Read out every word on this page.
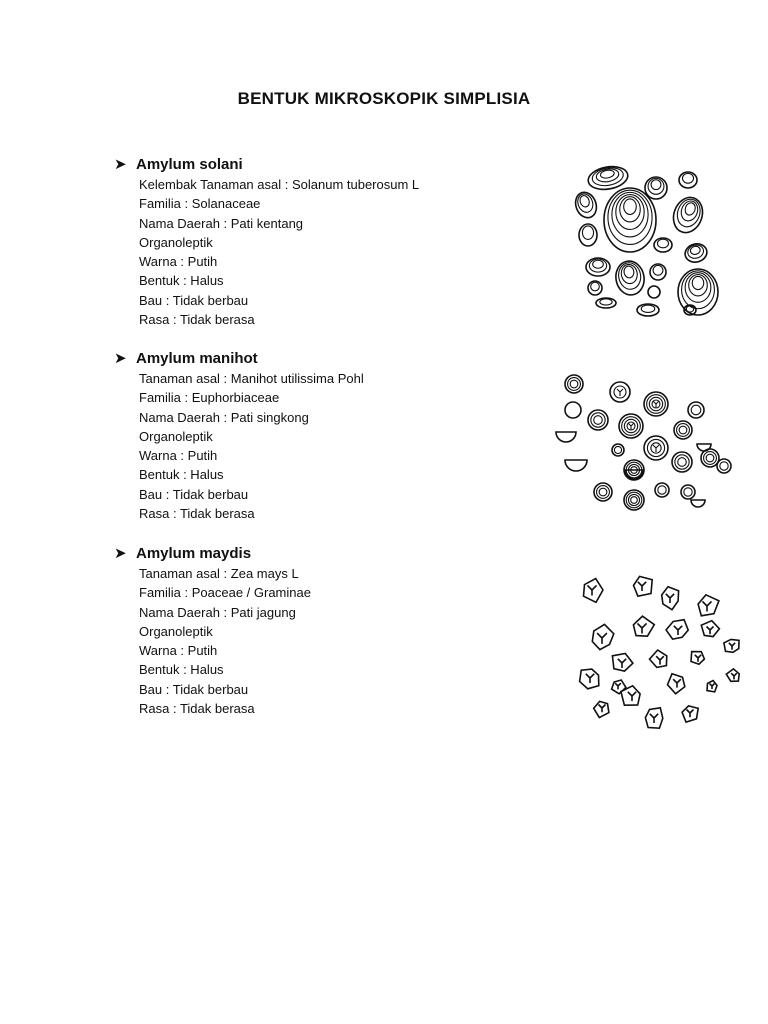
BENTUK MIKROSKOPIK SIMPLISIA
➤ Amylum solani
Kelembak Tanaman asal : Solanum tuberosum L
Familia : Solanaceae
Nama Daerah : Pati kentang
Organoleptik
Warna : Putih
Bentuk : Halus
Bau : Tidak berbau
Rasa : Tidak berasa
➤ Amylum manihot
Tanaman asal : Manihot utilissima Pohl
Familia : Euphorbiaceae
Nama Daerah : Pati singkong
Organoleptik
Warna : Putih
Bentuk : Halus
Bau : Tidak berbau
Rasa : Tidak berasa
➤ Amylum maydis
Tanaman asal : Zea mays L
Familia : Poaceae / Graminae
Nama Daerah : Pati jagung
Organoleptik
Warna : Putih
Bentuk : Halus
Bau : Tidak berbau
Rasa : Tidak berasa
